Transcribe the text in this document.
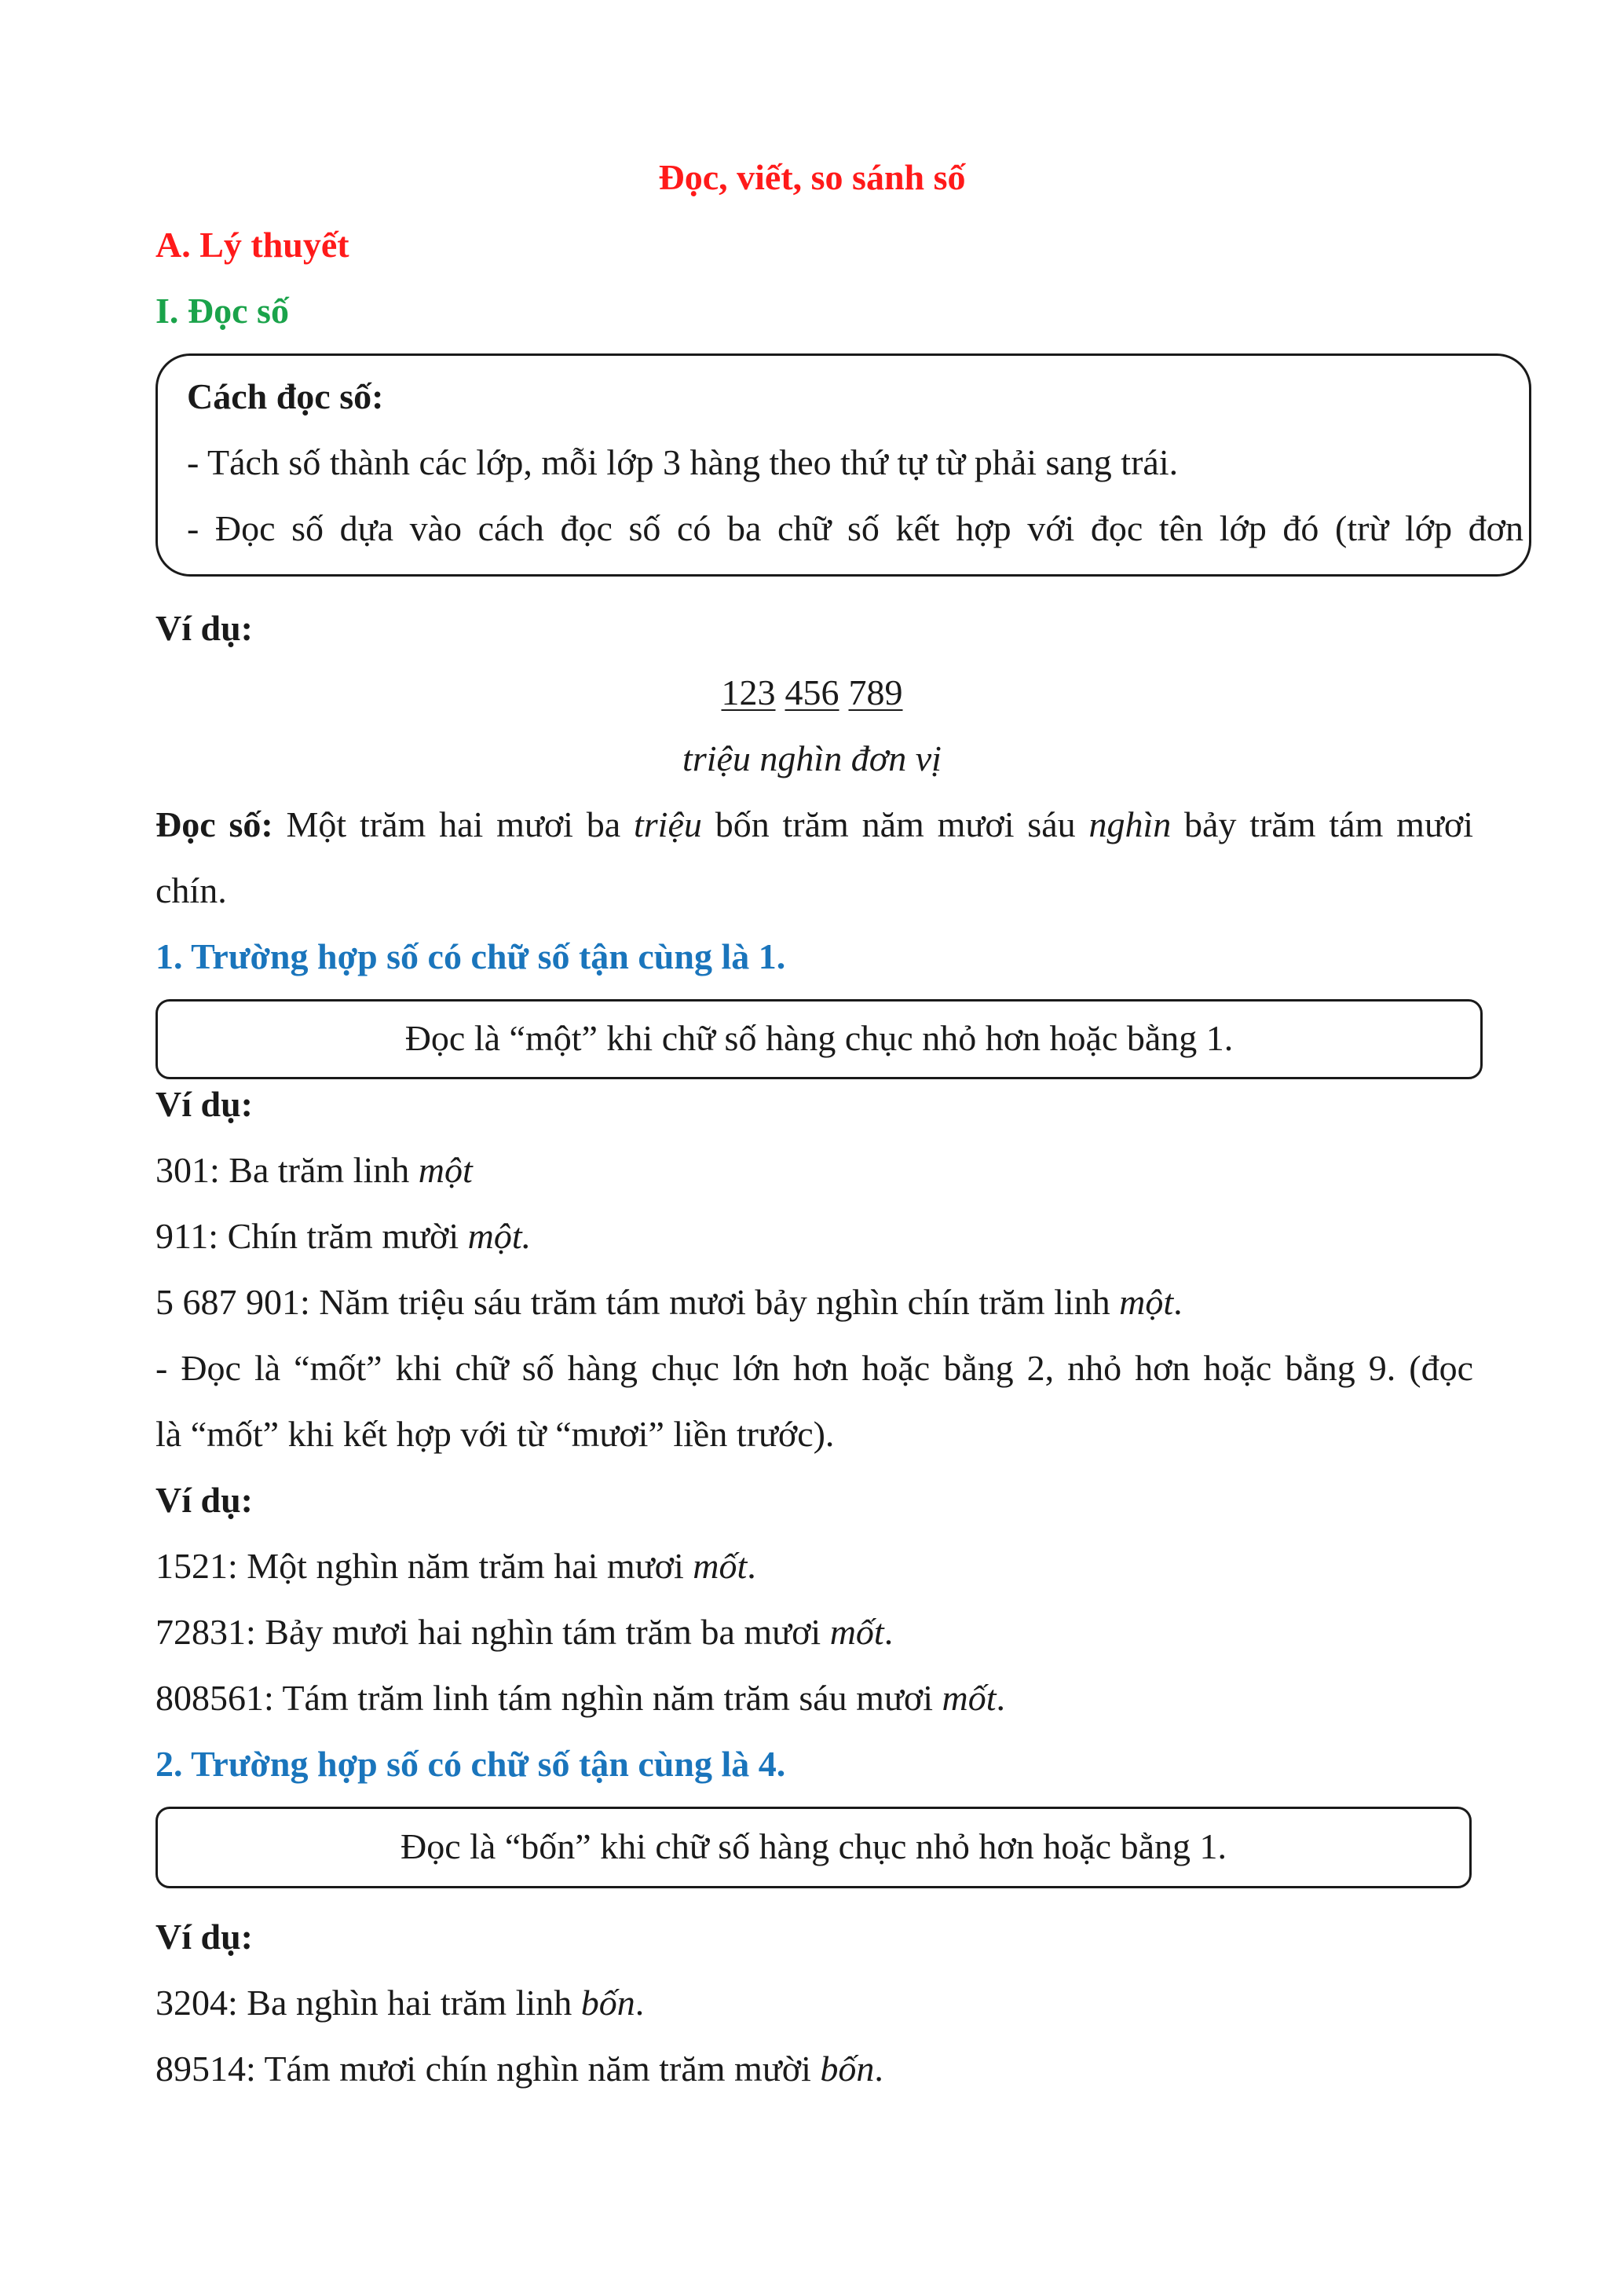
Đọc, viết, so sánh số
A. Lý thuyết
I. Đọc số
Cách đọc số:
- Tách số thành các lớp, mỗi lớp 3 hàng theo thứ tự từ phải sang trái.
- Đọc số dựa vào cách đọc số có ba chữ số kết hợp với đọc tên lớp đó (trừ lớp đơn
Ví dụ:
123 456 789
triệu nghìn đơn vị
Đọc số: Một trăm hai mươi ba triệu bốn trăm năm mươi sáu nghìn bảy trăm tám mươi
chín.
1. Trường hợp số có chữ số tận cùng là 1.
Đọc là “một” khi chữ số hàng chục nhỏ hơn hoặc bằng 1.
Ví dụ:
301: Ba trăm linh một
911: Chín trăm mười một.
5 687 901: Năm triệu sáu trăm tám mươi bảy nghìn chín trăm linh một.
- Đọc là “mốt” khi chữ số hàng chục lớn hơn hoặc bằng 2, nhỏ hơn hoặc bằng 9. (đọc
là “mốt” khi kết hợp với từ “mươi” liền trước).
Ví dụ:
1521: Một nghìn năm trăm hai mươi mốt.
72831: Bảy mươi hai nghìn tám trăm ba mươi mốt.
808561: Tám trăm linh tám nghìn năm trăm sáu mươi mốt.
2. Trường hợp số có chữ số tận cùng là 4.
Đọc là “bốn” khi chữ số hàng chục nhỏ hơn hoặc bằng 1.
Ví dụ:
3204: Ba nghìn hai trăm linh bốn.
89514: Tám mươi chín nghìn năm trăm mười bốn.
